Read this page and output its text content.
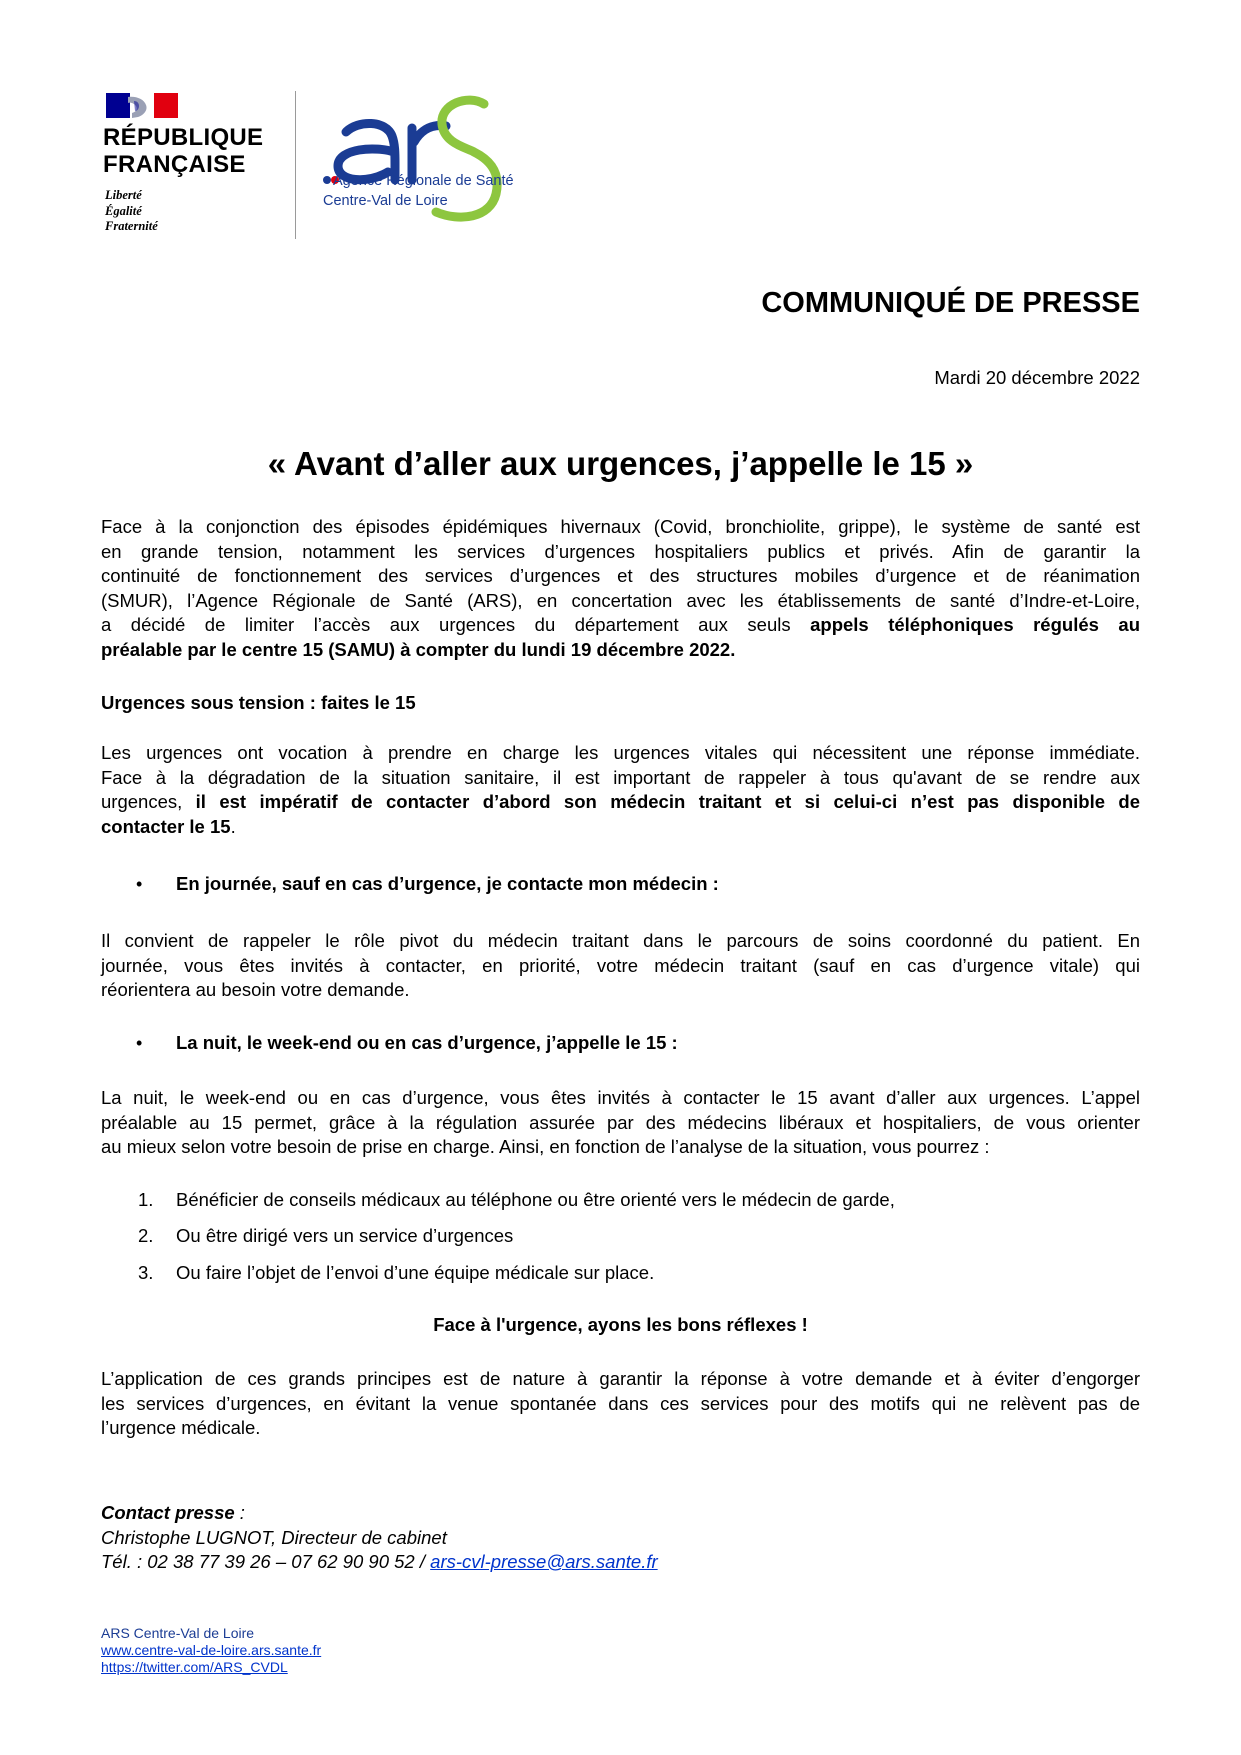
RÉPUBLIQUE
FRANÇAISE
Liberté
Égalité
Fraternité
Agence Régionale de Santé
Centre-Val de Loire
COMMUNIQUÉ DE PRESSE
Mardi 20 décembre 2022
« Avant d’aller aux urgences, j’appelle le 15 »
Face à la conjonction des épisodes épidémiques hivernaux (Covid, bronchiolite, grippe), le système de santé est
en grande tension, notamment les services d’urgences hospitaliers publics et privés. Afin de garantir la
continuité de fonctionnement des services d’urgences et des structures mobiles d’urgence et de réanimation
(SMUR), l’Agence Régionale de Santé (ARS), en concertation avec les établissements de santé d’Indre-et-Loire,
a décidé de limiter l’accès aux urgences du département aux seuls appels téléphoniques régulés au
préalable par le centre 15 (SAMU) à compter du lundi 19 décembre 2022.
Urgences sous tension : faites le 15
Les urgences ont vocation à prendre en charge les urgences vitales qui nécessitent une réponse immédiate.
Face à la dégradation de la situation sanitaire, il est important de rappeler à tous qu'avant de se rendre aux
urgences, il est impératif de contacter d’abord son médecin traitant et si celui-ci n’est pas disponible de
contacter le 15.
• En journée, sauf en cas d’urgence, je contacte mon médecin :
Il convient de rappeler le rôle pivot du médecin traitant dans le parcours de soins coordonné du patient. En
journée, vous êtes invités à contacter, en priorité, votre médecin traitant (sauf en cas d’urgence vitale) qui
réorientera au besoin votre demande.
• La nuit, le week-end ou en cas d’urgence, j’appelle le 15 :
La nuit, le week-end ou en cas d’urgence, vous êtes invités à contacter le 15 avant d’aller aux urgences. L’appel
préalable au 15 permet, grâce à la régulation assurée par des médecins libéraux et hospitaliers, de vous orienter
au mieux selon votre besoin de prise en charge. Ainsi, en fonction de l’analyse de la situation, vous pourrez :
1. Bénéficier de conseils médicaux au téléphone ou être orienté vers le médecin de garde,
2. Ou être dirigé vers un service d’urgences
3. Ou faire l’objet de l’envoi d’une équipe médicale sur place.
Face à l'urgence, ayons les bons réflexes !
L’application de ces grands principes est de nature à garantir la réponse à votre demande et à éviter d’engorger
les services d’urgences, en évitant la venue spontanée dans ces services pour des motifs qui ne relèvent pas de
l’urgence médicale.
Contact presse :
Christophe LUGNOT, Directeur de cabinet
Tél. : 02 38 77 39 26 – 07 62 90 90 52 / ars-cvl-presse@ars.sante.fr
ARS Centre-Val de Loire
www.centre-val-de-loire.ars.sante.fr
https://twitter.com/ARS_CVDL
